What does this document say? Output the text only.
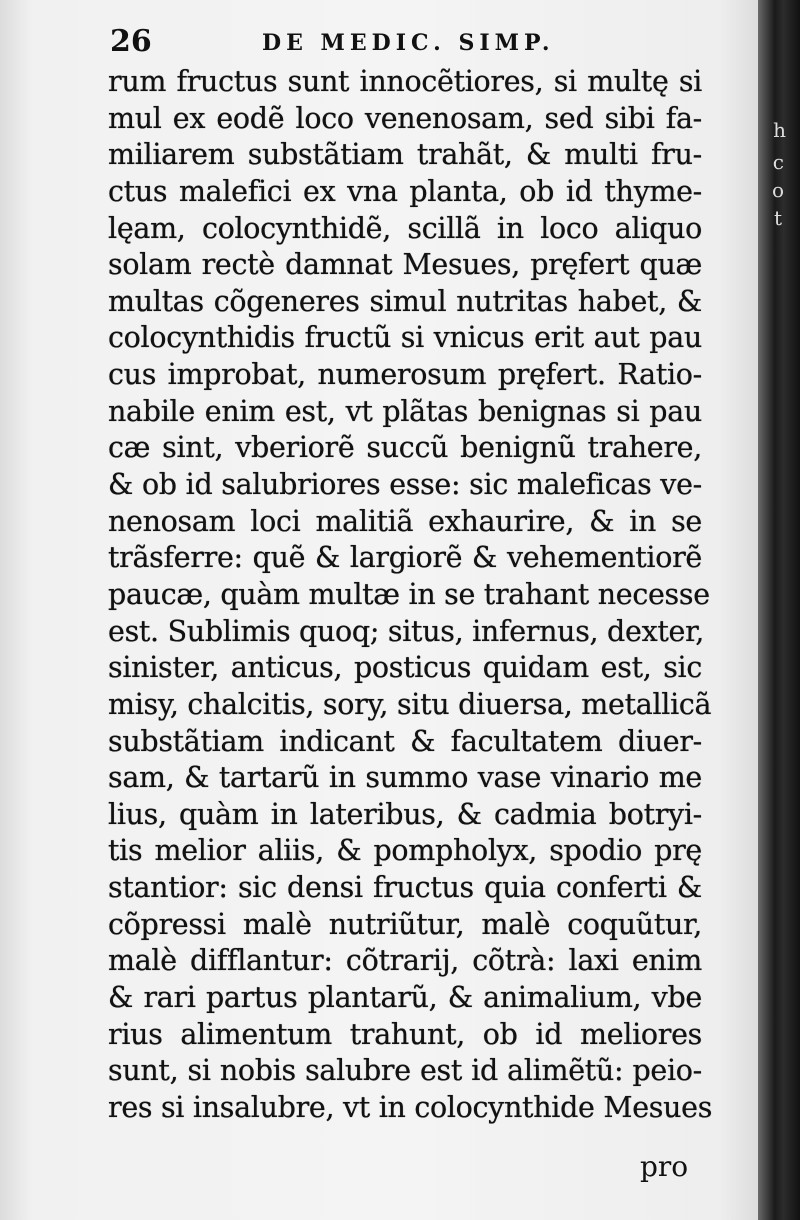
h
c
o
t
26	DE MEDIC. SIMP.
rum fructus sunt innocẽtiores, si multę si
mul ex eodẽ loco venenosam, sed sibi fa-
miliarem substãtiam trahãt, & multi fru-
ctus malefici ex vna planta, ob id thyme-
lęam, colocynthidẽ, scillã in loco aliquo
solam rectè damnat Mesues, pręfert quæ
multas cõgeneres simul nutritas habet, &
colocynthidis fructũ si vnicus erit aut pau
cus improbat, numerosum pręfert. Ratio-
nabile enim est, vt plãtas benignas si pau
cæ sint, vberiorẽ succũ benignũ trahere,
& ob id salubriores esse: sic maleficas ve-
nenosam loci malitiã exhaurire, & in se
trãsferre: quẽ & largiorẽ & vehementiorẽ
paucæ, quàm multæ in se trahant necesse
est. Sublimis quoq; situs, infernus, dexter,
sinister, anticus, posticus quidam est, sic
misy, chalcitis, sory, situ diuersa, metallicã
substãtiam indicant & facultatem diuer-
sam, & tartarũ in summo vase vinario me
lius, quàm in lateribus, & cadmia botryi-
tis melior aliis, & pompholyx, spodio prę
stantior: sic densi fructus quia conferti &
cõpressi malè nutriũtur, malè coquũtur,
malè difflantur: cõtrarij, cõtrà: laxi enim
& rari partus plantarũ, & animalium, vbe
rius alimentum trahunt, ob id meliores
sunt, si nobis salubre est id alimẽtũ: peio-
res si insalubre, vt in colocynthide Mesues
pro
